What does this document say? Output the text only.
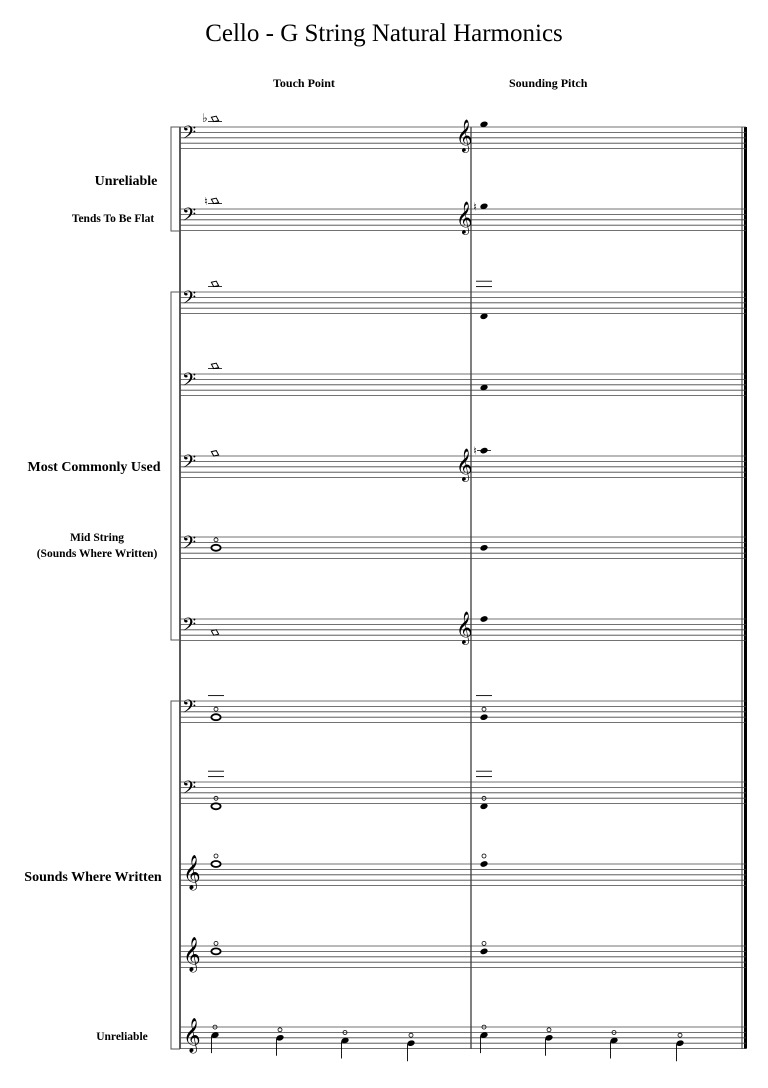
Cello - G String Natural Harmonics
Touch Point	Sounding Pitch
Unreliable
Tends To Be Flat
Most Commonly Used
Mid String
(Sounds Where Written)
Sounds Where Written
Unreliable
𝄢	𝄞
♭
𝄢	𝄞
♮	♮
𝄢
𝄢
𝄢	𝄞 ♮
𝄢
𝄢	𝄞
𝄢
𝄢
𝄞
𝄞
𝄞
